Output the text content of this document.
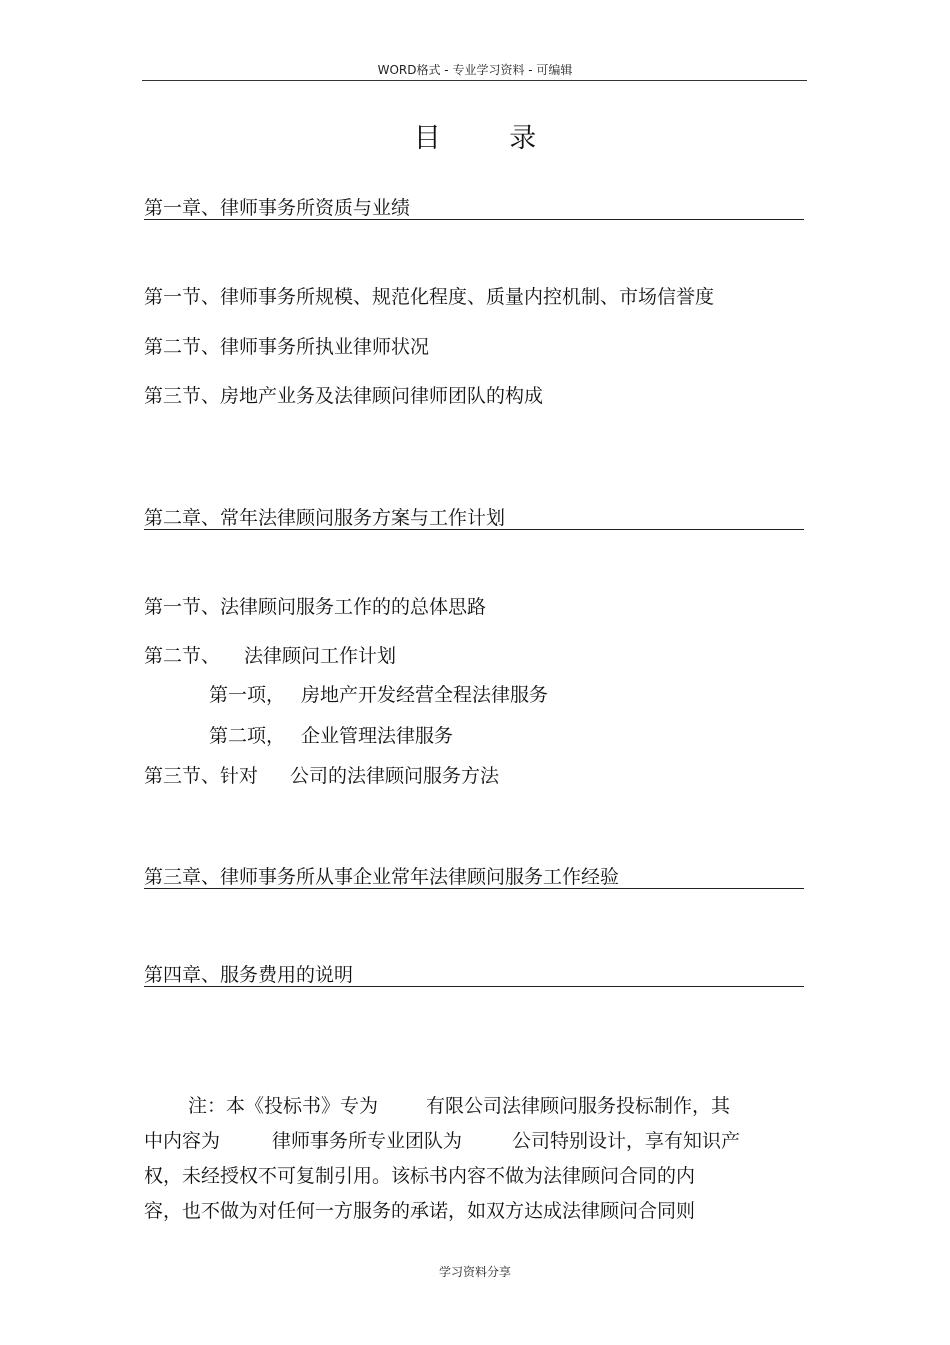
WORD格式 - 专业学习资料 - 可编辑
目 录
第一章、律师事务所资质与业绩
第一节、律师事务所规模、规范化程度、质量内控机制、市场信誉度
第二节、律师事务所执业律师状况
第三节、房地产业务及法律顾问律师团队的构成
第二章、常年法律顾问服务方案与工作计划
第一节、法律顾问服务工作的的总体思路
第二节、 法律顾问工作计划
第一项， 房地产开发经营全程法律服务
第二项， 企业管理法律服务
第三节、针对 公司的法律顾问服务方法
第三章、律师事务所从事企业常年法律顾问服务工作经验
第四章、服务费用的说明
注：本《投标书》专为	有限公司法律顾问服务投标制作，其
中内容为	律师事务所专业团队为	公司特别设计，享有知识产
权，未经授权不可复制引用。该标书内容不做为法律顾问合同的内
容，也不做为对任何一方服务的承诺，如双方达成法律顾问合同则
学习资料分享
